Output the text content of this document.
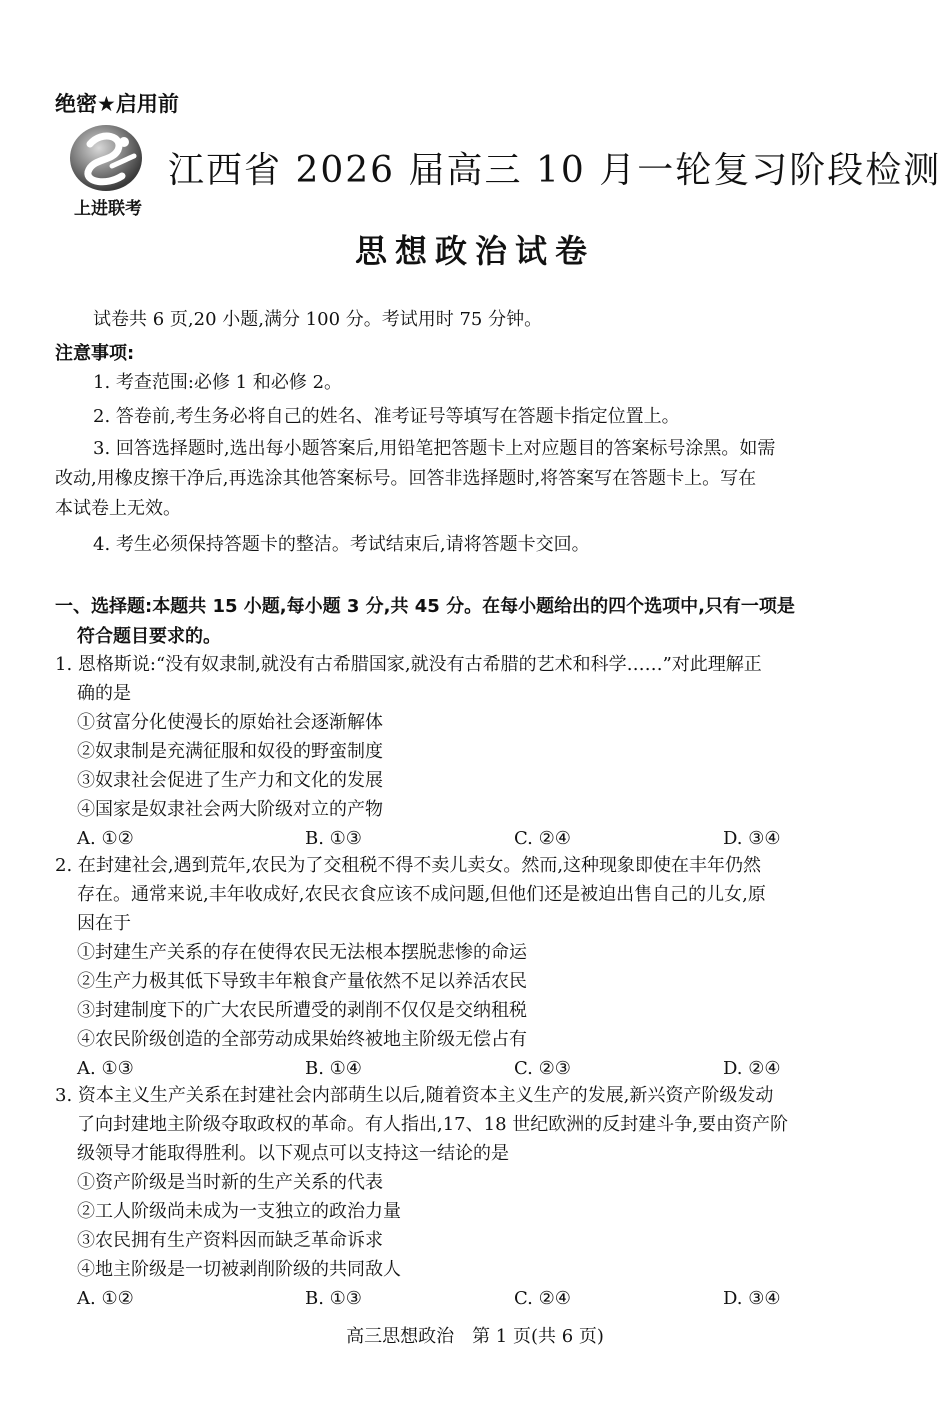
绝密★启用前
上进联考
江西省 2026 届高三 10 月一轮复习阶段检测
思想政治试卷
试卷共 6 页,20 小题,满分 100 分。考试用时 75 分钟。
注意事项:
1. 考查范围:必修 1 和必修 2。
2. 答卷前,考生务必将自己的姓名、准考证号等填写在答题卡指定位置上。
3. 回答选择题时,选出每小题答案后,用铅笔把答题卡上对应题目的答案标号涂黑。如需
改动,用橡皮擦干净后,再选涂其他答案标号。回答非选择题时,将答案写在答题卡上。写在
本试卷上无效。
4. 考生必须保持答题卡的整洁。考试结束后,请将答题卡交回。
一、选择题:本题共 15 小题,每小题 3 分,共 45 分。在每小题给出的四个选项中,只有一项是
符合题目要求的。
1. 恩格斯说:“没有奴隶制,就没有古希腊国家,就没有古希腊的艺术和科学……”对此理解正
确的是
①贫富分化使漫长的原始社会逐渐解体
②奴隶制是充满征服和奴役的野蛮制度
③奴隶社会促进了生产力和文化的发展
④国家是奴隶社会两大阶级对立的产物
A. ①②	B. ①③	C. ②④	D. ③④
2. 在封建社会,遇到荒年,农民为了交租税不得不卖儿卖女。然而,这种现象即使在丰年仍然
存在。通常来说,丰年收成好,农民衣食应该不成问题,但他们还是被迫出售自己的儿女,原
因在于
①封建生产关系的存在使得农民无法根本摆脱悲惨的命运
②生产力极其低下导致丰年粮食产量依然不足以养活农民
③封建制度下的广大农民所遭受的剥削不仅仅是交纳租税
④农民阶级创造的全部劳动成果始终被地主阶级无偿占有
A. ①③	B. ①④	C. ②③	D. ②④
3. 资本主义生产关系在封建社会内部萌生以后,随着资本主义生产的发展,新兴资产阶级发动
了向封建地主阶级夺取政权的革命。有人指出,17、18 世纪欧洲的反封建斗争,要由资产阶
级领导才能取得胜利。以下观点可以支持这一结论的是
①资产阶级是当时新的生产关系的代表
②工人阶级尚未成为一支独立的政治力量
③农民拥有生产资料因而缺乏革命诉求
④地主阶级是一切被剥削阶级的共同敌人
A. ①②	B. ①③	C. ②④	D. ③④
高三思想政治　第 1 页(共 6 页)
